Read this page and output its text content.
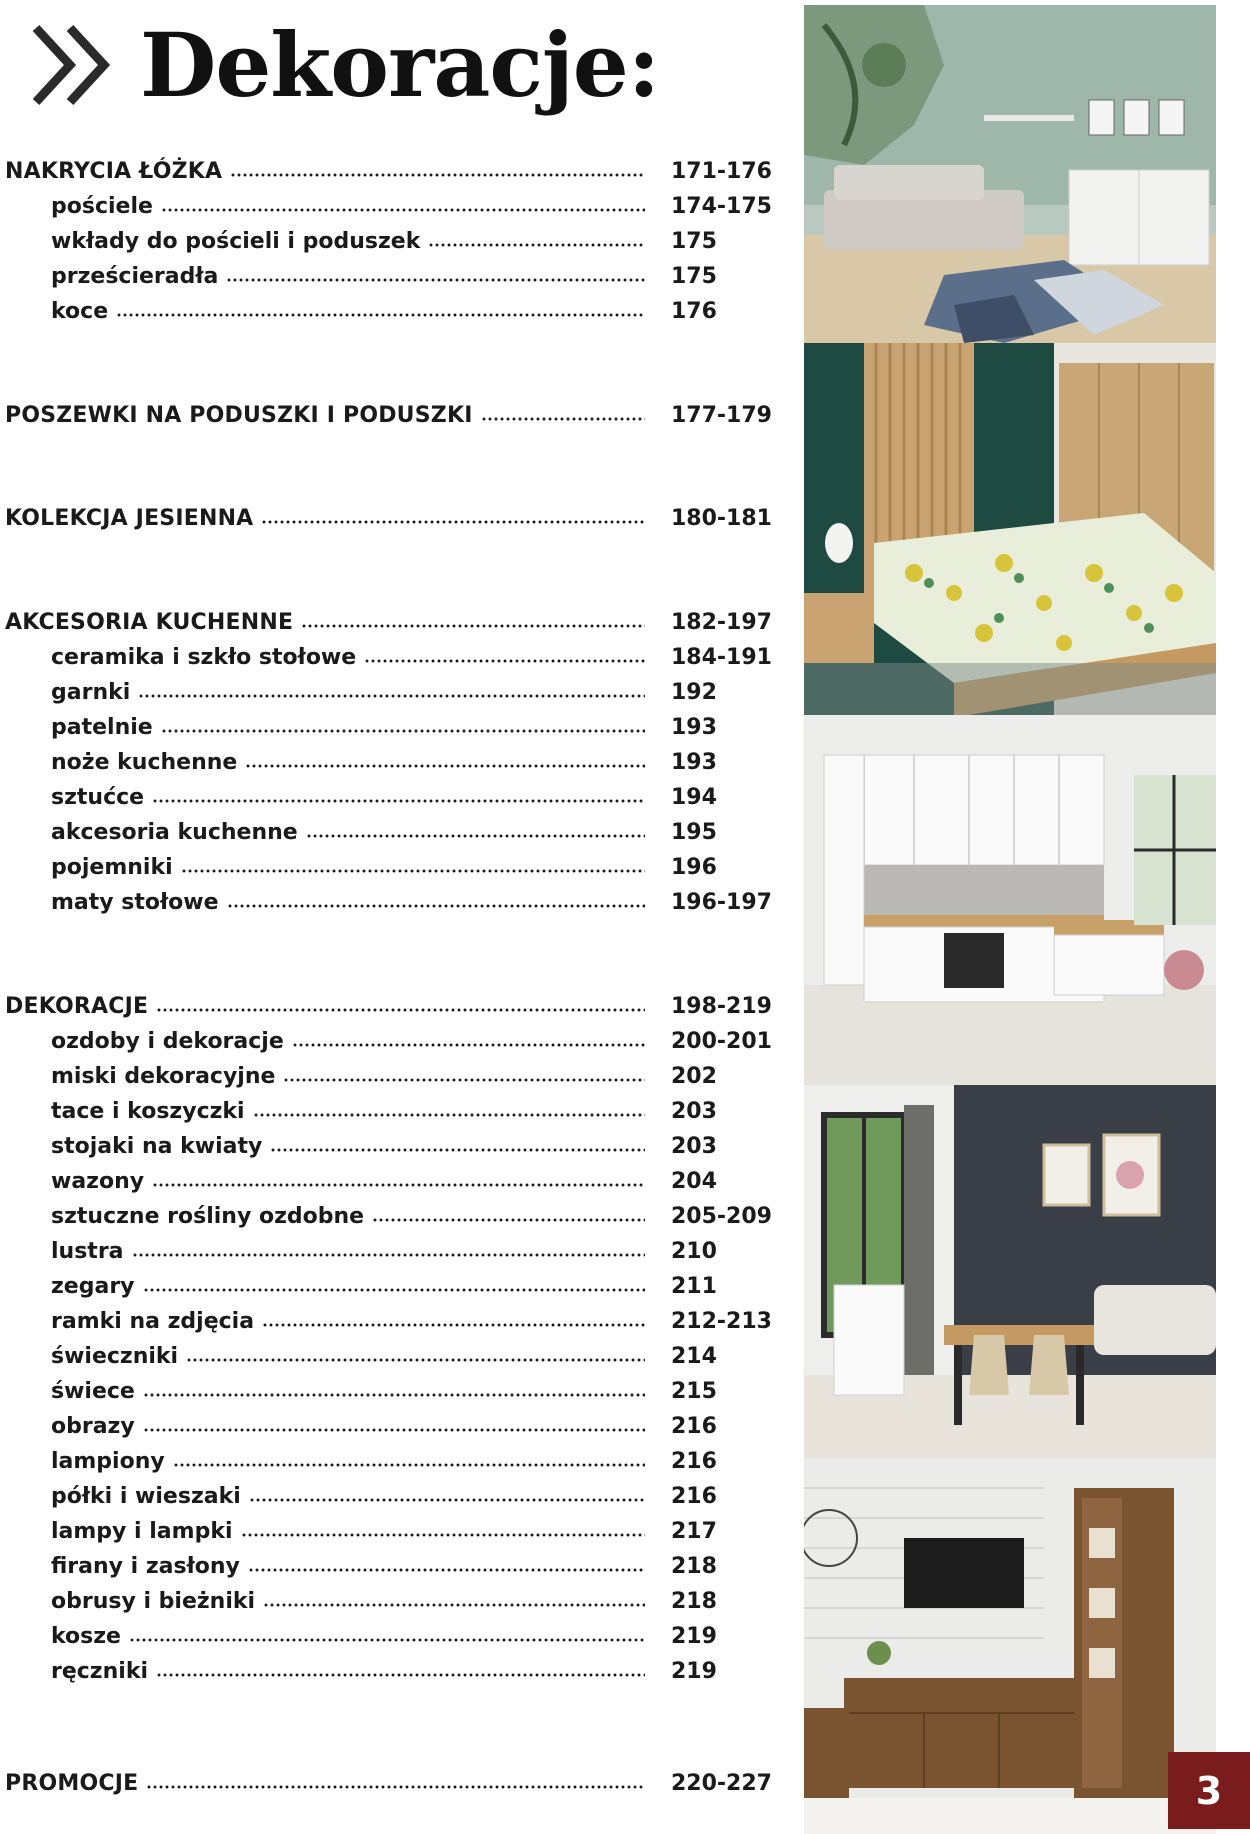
Dekoracje:
NAKRYCIA ŁÓŻKA	171-176
pościele	174-175
wkłady do pościeli i poduszek	175
prześcieradła	175
koce	176
POSZEWKI NA PODUSZKI I PODUSZKI	177-179
KOLEKCJA JESIENNA	180-181
AKCESORIA KUCHENNE	182-197
ceramika i szkło stołowe	184-191
garnki	192
patelnie	193
noże kuchenne	193
sztućce	194
akcesoria kuchenne	195
pojemniki	196
maty stołowe	196-197
DEKORACJE	198-219
ozdoby i dekoracje	200-201
miski dekoracyjne	202
tace i koszyczki	203
stojaki na kwiaty	203
wazony	204
sztuczne rośliny ozdobne	205-209
lustra	210
zegary	211
ramki na zdjęcia	212-213
świeczniki	214
świece	215
obrazy	216
lampiony	216
półki i wieszaki	216
lampy i lampki	217
firany i zasłony	218
obrusy i bieżniki	218
kosze	219
ręczniki	219
PROMOCJE	220-227	3
